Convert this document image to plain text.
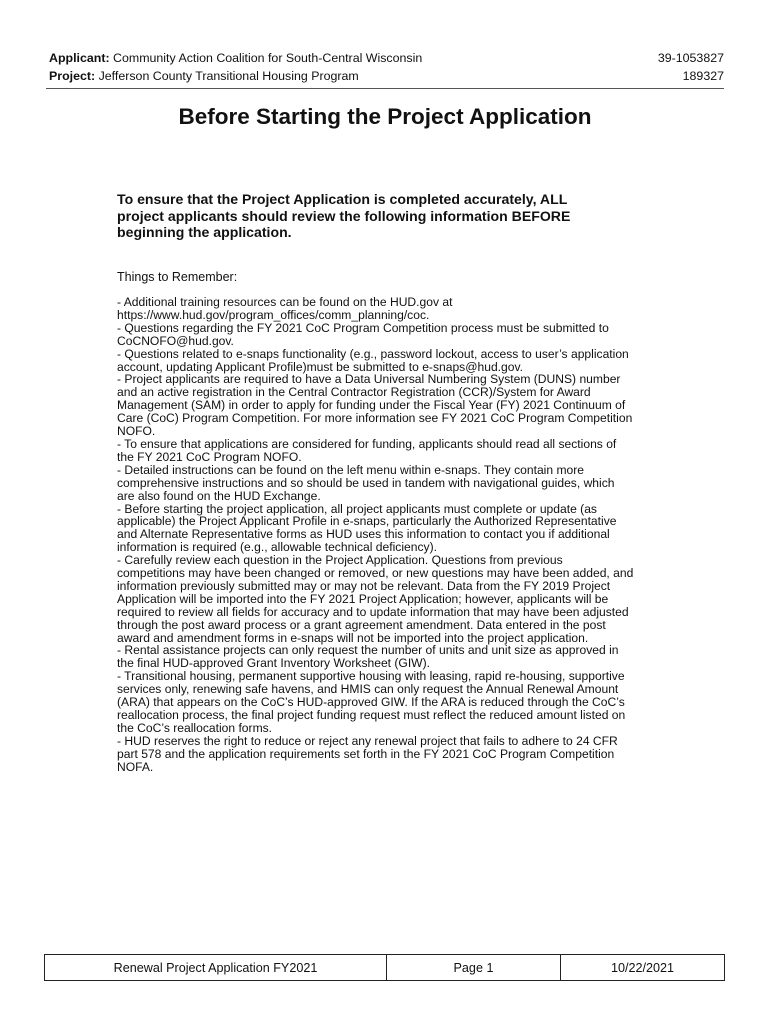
Applicant: Community Action Coalition for South-Central Wisconsin	39-1053827
Project: Jefferson County Transitional Housing Program	189327
Before Starting the Project Application
To ensure that the Project Application is completed accurately, ALL
project applicants should review the following information BEFORE
beginning the application.
Things to Remember:
- Additional training resources can be found on the HUD.gov at
https://www.hud.gov/program_offices/comm_planning/coc.
- Questions regarding the FY 2021 CoC Program Competition process must be submitted to
CoCNOFO@hud.gov.
- Questions related to e-snaps functionality (e.g., password lockout, access to user’s application
account, updating Applicant Profile)must be submitted to e-snaps@hud.gov.
- Project applicants are required to have a Data Universal Numbering System (DUNS) number
and an active registration in the Central Contractor Registration (CCR)/System for Award
Management (SAM) in order to apply for funding under the Fiscal Year (FY) 2021 Continuum of
Care (CoC) Program Competition. For more information see FY 2021 CoC Program Competition
NOFO.
- To ensure that applications are considered for funding, applicants should read all sections of
the FY 2021 CoC Program NOFO.
- Detailed instructions can be found on the left menu within e-snaps. They contain more
comprehensive instructions and so should be used in tandem with navigational guides, which
are also found on the HUD Exchange.
- Before starting the project application, all project applicants must complete or update (as
applicable) the Project Applicant Profile in e-snaps, particularly the Authorized Representative
and Alternate Representative forms as HUD uses this information to contact you if additional
information is required (e.g., allowable technical deficiency).
- Carefully review each question in the Project Application. Questions from previous
competitions may have been changed or removed, or new questions may have been added, and
information previously submitted may or may not be relevant. Data from the FY 2019 Project
Application will be imported into the FY 2021 Project Application; however, applicants will be
required to review all fields for accuracy and to update information that may have been adjusted
through the post award process or a grant agreement amendment. Data entered in the post
award and amendment forms in e-snaps will not be imported into the project application.
- Rental assistance projects can only request the number of units and unit size as approved in
the final HUD-approved Grant Inventory Worksheet (GIW).
- Transitional housing, permanent supportive housing with leasing, rapid re-housing, supportive
services only, renewing safe havens, and HMIS can only request the Annual Renewal Amount
(ARA) that appears on the CoC’s HUD-approved GIW. If the ARA is reduced through the CoC’s
reallocation process, the final project funding request must reflect the reduced amount listed on
the CoC’s reallocation forms.
- HUD reserves the right to reduce or reject any renewal project that fails to adhere to 24 CFR
part 578 and the application requirements set forth in the FY 2021 CoC Program Competition
NOFA.
Renewal Project Application FY2021	Page 1	10/22/2021
